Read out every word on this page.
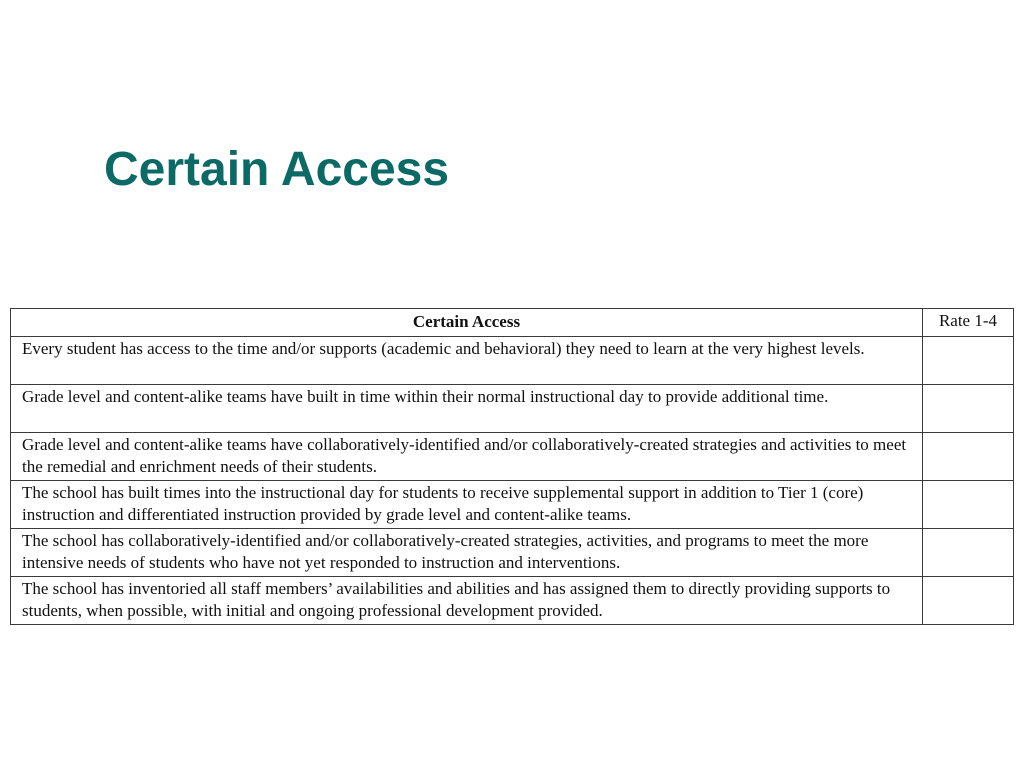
Certain Access
Certain Access	Rate 1-4
Every student has access to the time and/or supports (academic and behavioral) they need to learn at the very highest levels.	
Grade level and content-alike teams have built in time within their normal instructional day to provide additional time.	
Grade level and content-alike teams have collaboratively-identified and/or collaboratively-created strategies and activities to meet the remedial and enrichment needs of their students.	
The school has built times into the instructional day for students to receive supplemental support in addition to Tier 1 (core) instruction and differentiated instruction provided by grade level and content-alike teams.	
The school has collaboratively-identified and/or collaboratively-created strategies, activities, and programs to meet the more intensive needs of students who have not yet responded to instruction and interventions.	
The school has inventoried all staff members’ availabilities and abilities and has assigned them to directly providing supports to students, when possible, with initial and ongoing professional development provided.	
